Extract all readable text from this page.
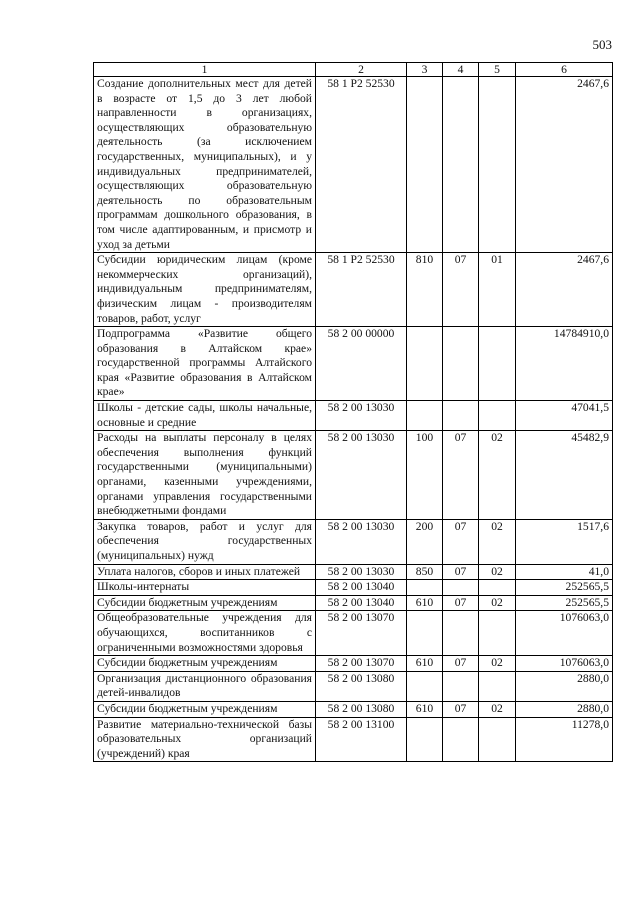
503
1	2	3	4	5	6
Создание дополнительных мест для детей в возрасте от 1,5 до 3 лет любой направленности в организациях, осуществляющих образовательную деятельность (за исключением государственных, муниципальных), и у индивидуальных предпринимателей, осуществляющих образовательную деятельность по образовательным программам дошкольного образования, в том числе адаптированным, и присмотр и уход за детьми	58 1 P2 52530				2467,6
Субсидии юридическим лицам (кроме некоммерческих организаций), индивидуальным предпринимателям, физическим лицам - производителям товаров, работ, услуг	58 1 P2 52530	810	07	01	2467,6
Подпрограмма «Развитие общего образования в Алтайском крае» государственной программы Алтайского края «Развитие образования в Алтайском крае»	58 2 00 00000				14784910,0
Школы - детские сады, школы начальные, основные и средние	58 2 00 13030				47041,5
Расходы на выплаты персоналу в целях обеспечения выполнения функций государственными (муниципальными) органами, казенными учреждениями, органами управления государственными внебюджетными фондами	58 2 00 13030	100	07	02	45482,9
Закупка товаров, работ и услуг для обеспечения государственных (муниципальных) нужд	58 2 00 13030	200	07	02	1517,6
Уплата налогов, сборов и иных платежей	58 2 00 13030	850	07	02	41,0
Школы-интернаты	58 2 00 13040				252565,5
Субсидии бюджетным учреждениям	58 2 00 13040	610	07	02	252565,5
Общеобразовательные учреждения для обучающихся, воспитанников с ограниченными возможностями здоровья	58 2 00 13070				1076063,0
Субсидии бюджетным учреждениям	58 2 00 13070	610	07	02	1076063,0
Организация дистанционного образования детей-инвалидов	58 2 00 13080				2880,0
Субсидии бюджетным учреждениям	58 2 00 13080	610	07	02	2880,0
Развитие материально-технической базы образовательных организаций (учреждений) края	58 2 00 13100				11278,0
